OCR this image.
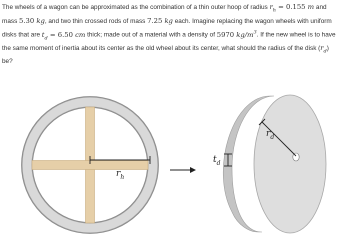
The wheels of a wagon can be approximated as the combination of a thin outer hoop of radius $r_h = 0.155$ m and

mass 5.30 kg, and two thin crossed rods of mass 7.25 kg each. Imagine replacing the wagon wheels with uniform

disks that are $t_d = 6.50$ cm thick; made out of a material with a density of 5970 $kg/m^3$. If the new wheel is to have

the same moment of inertia about its center as the old wheel about its center, what should the radius of the disk $(r_d)$

be?

$r_h$
$r_d$
$t_d$
